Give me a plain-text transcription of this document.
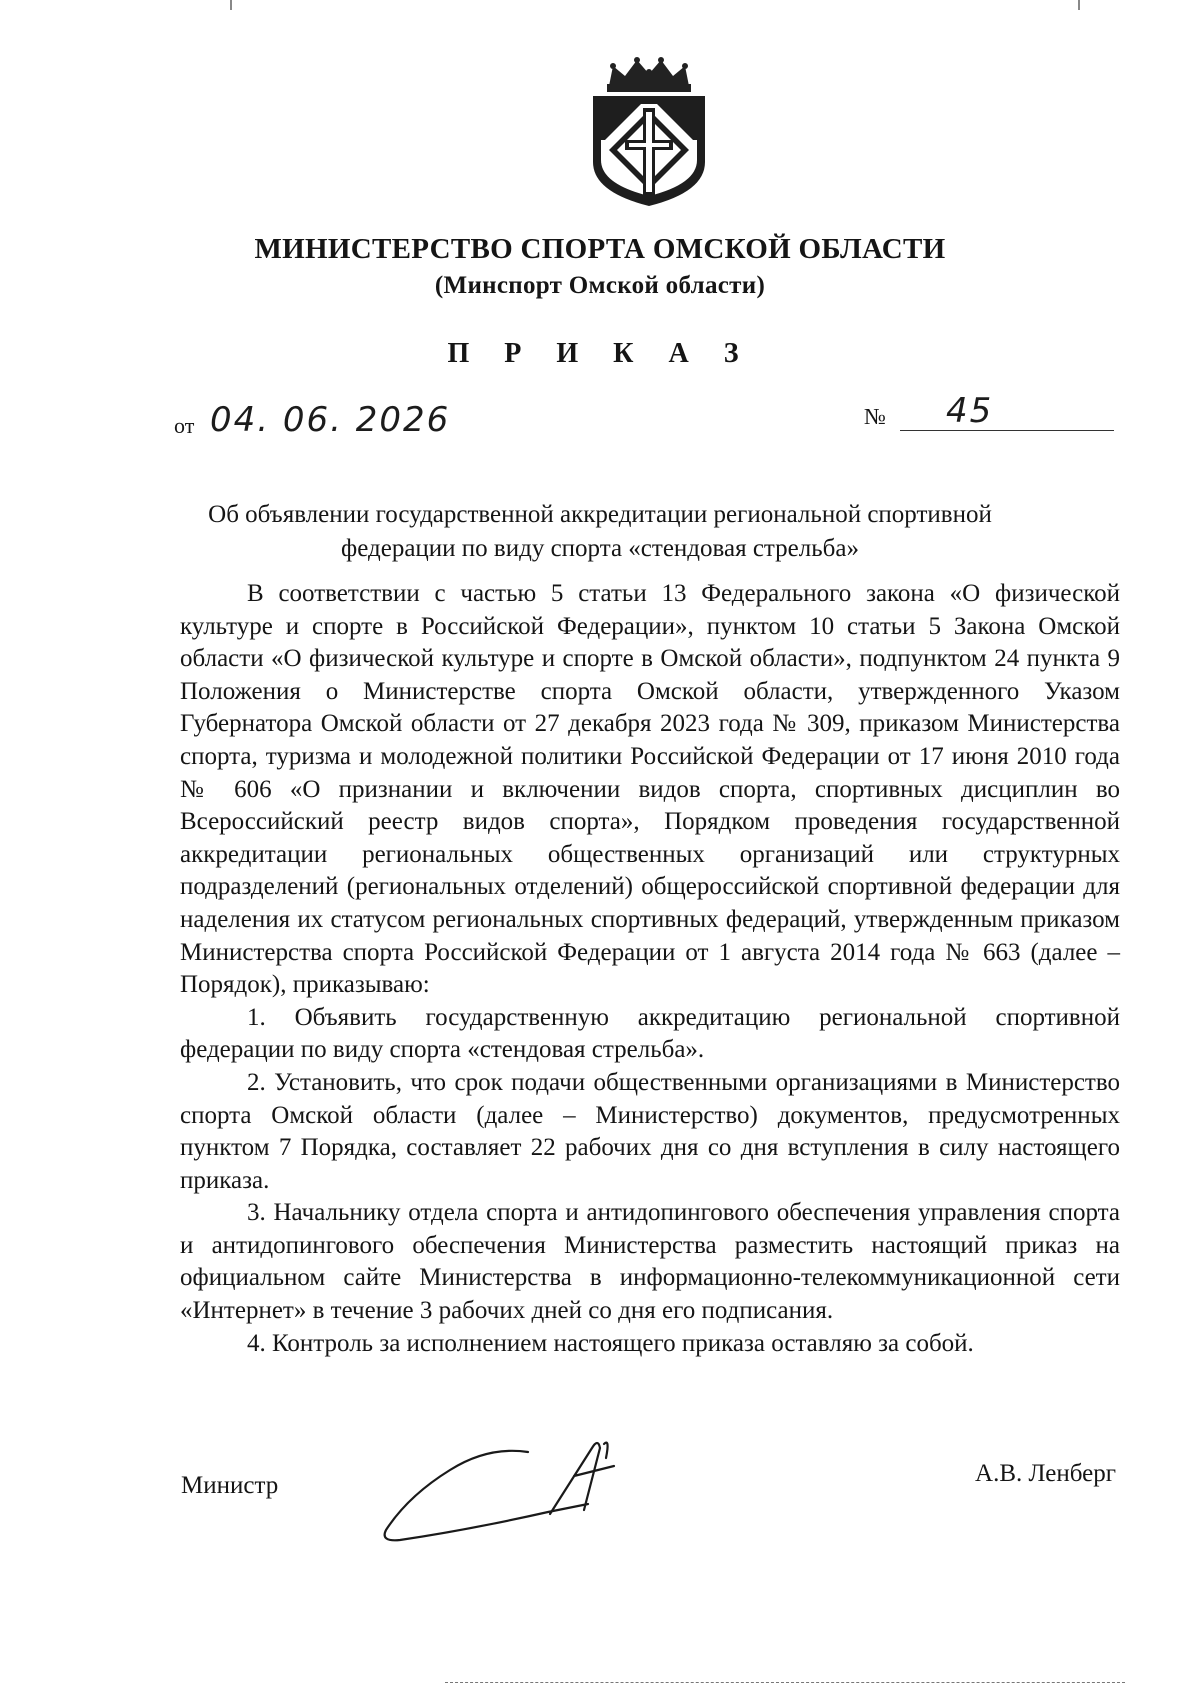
МИНИСТЕРСТВО СПОРТА ОМСКОЙ ОБЛАСТИ
(Минспорт Омской области)
П Р И К А З
от 04. 06. 2026	№ 45
Об объявлении государственной аккредитации региональной спортивной
федерации по виду спорта «стендовая стрельба»

В соответствии с частью 5 статьи 13 Федерального закона «О физической культуре и спорте в Российской Федерации», пунктом 10 статьи 5 Закона Омской области «О физической культуре и спорте в Омской области», подпунктом 24 пункта 9 Положения о Министерстве спорта Омской области, утвержденного Указом Губернатора Омской области от 27 декабря 2023 года № 309, приказом Министерства спорта, туризма и молодежной политики Российской Федерации от 17 июня 2010 года № 606 «О признании и включении видов спорта, спортивных дисциплин во Всероссийский реестр видов спорта», Порядком проведения государственной аккредитации региональных общественных организаций или структурных подразделений (региональных отделений) общероссийской спортивной федерации для наделения их статусом региональных спортивных федераций, утвержденным приказом Министерства спорта Российской Федерации от 1 августа 2014 года № 663 (далее – Порядок), приказываю:

1. Объявить государственную аккредитацию региональной спортивной федерации по виду спорта «стендовая стрельба».

2. Установить, что срок подачи общественными организациями в Министерство спорта Омской области (далее – Министерство) документов, предусмотренных пунктом 7 Порядка, составляет 22 рабочих дня со дня вступления в силу настоящего приказа.

3. Начальнику отдела спорта и антидопингового обеспечения управления спорта и антидопингового обеспечения Министерства разместить настоящий приказ на официальном сайте Министерства в информационно-телекоммуникационной сети «Интернет» в течение 3 рабочих дней со дня его подписания.

4. Контроль за исполнением настоящего приказа оставляю за собой.

Министр	А.В. Ленберг
